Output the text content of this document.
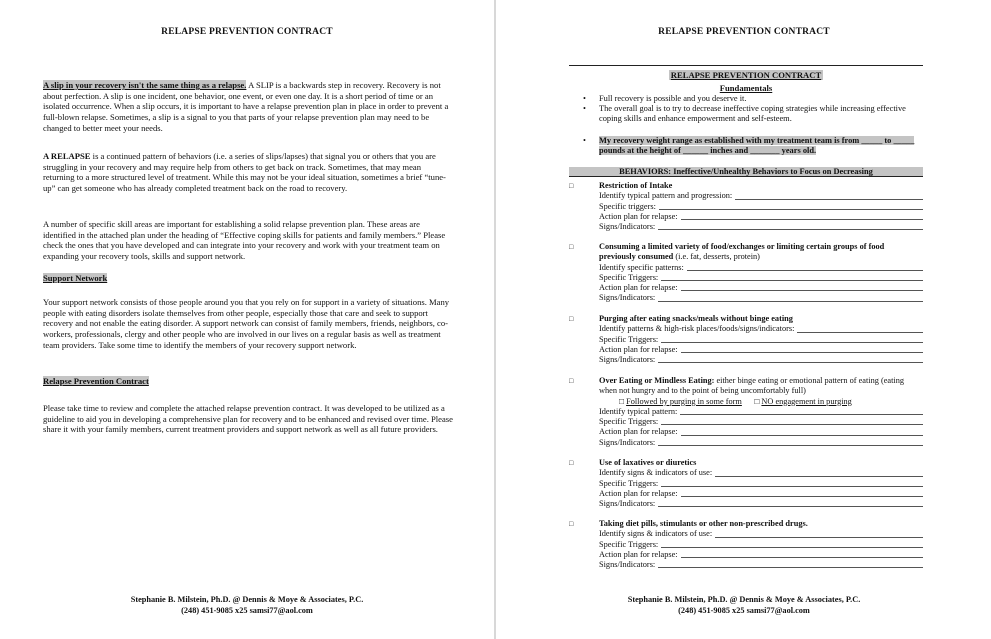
RELAPSE PREVENTION CONTRACT
A slip in your recovery isn't the same thing as a relapse. A SLIP is a backwards step in recovery. Recovery is not about perfection. A slip is one incident, one behavior, one event, or even one day. It is a short period of time or an isolated occurrence. When a slip occurs, it is important to have a relapse prevention plan in place in order to prevent a full-blown relapse. Sometimes, a slip is a signal to you that parts of your relapse prevention plan may need to be changed to better meet your needs.
A RELAPSE is a continued pattern of behaviors (i.e. a series of slips/lapses) that signal you or others that you are struggling in your recovery and may require help from others to get back on track. Sometimes, that may mean returning to a more structured level of treatment. While this may not be your ideal situation, sometimes a brief “tune-up” can get someone who has already completed treatment back on the road to recovery.
A number of specific skill areas are important for establishing a solid relapse prevention plan. These areas are identified in the attached plan under the heading of “Effective coping skills for patients and family members.” Please check the ones that you have developed and can integrate into your recovery and work with your treatment team on expanding your recovery tools, skills and support network.
Support Network
Your support network consists of those people around you that you rely on for support in a variety of situations. Many people with eating disorders isolate themselves from other people, especially those that care and seek to support recovery and not enable the eating disorder. A support network can consist of family members, friends, neighbors, co-workers, professionals, clergy and other people who are involved in our lives on a regular basis as well as treatment team providers. Take some time to identify the members of your recovery support network.
Relapse Prevention Contract
Please take time to review and complete the attached relapse prevention contract. It was developed to be utilized as a guideline to aid you in developing a comprehensive plan for recovery and to be enhanced and revised over time. Please share it with your family members, current treatment providers and support network as well as all future providers.
Stephanie B. Milstein, Ph.D. @ Dennis & Moye & Associates, P.C.
(248) 451-9085 x25 samsi77@aol.com
RELAPSE PREVENTION CONTRACT
RELAPSE PREVENTION CONTRACT
Fundamentals
• Full recovery is possible and you deserve it.
• The overall goal is to try to decrease ineffective coping strategies while increasing effective coping skills and enhance empowerment and self-esteem.
• My recovery weight range as established with my treatment team is from _____ to _____ pounds at the height of ______ inches and _______ years old.
BEHAVIORS: Ineffective/Unhealthy Behaviors to Focus on Decreasing
□	Restriction of Intake
Identify typical pattern and progression:
Specific triggers:
Action plan for relapse:
Signs/Indicators:
□	Consuming a limited variety of food/exchanges or limiting certain groups of food previously consumed (i.e. fat, desserts, protein)
Identify specific patterns:
Specific Triggers:
Action plan for relapse:
Signs/Indicators:
□	Purging after eating snacks/meals without binge eating
Identify patterns & high-risk places/foods/signs/indicators:
Specific Triggers:
Action plan for relapse:
Signs/Indicators:
□	Over Eating or Mindless Eating: either binge eating or emotional pattern of eating (eating when not hungry and to the point of being uncomfortably full)
□ Followed by purging in some form □ NO engagement in purging
Identify typical pattern:
Specific Triggers:
Action plan for relapse:
Signs/Indicators:
□	Use of laxatives or diuretics
Identify signs & indicators of use:
Specific Triggers:
Action plan for relapse:
Signs/Indicators:
□	Taking diet pills, stimulants or other non-prescribed drugs.
Identify signs & indicators of use:
Specific Triggers:
Action plan for relapse:
Signs/Indicators:
Stephanie B. Milstein, Ph.D. @ Dennis & Moye & Associates, P.C.
(248) 451-9085 x25 samsi77@aol.com
